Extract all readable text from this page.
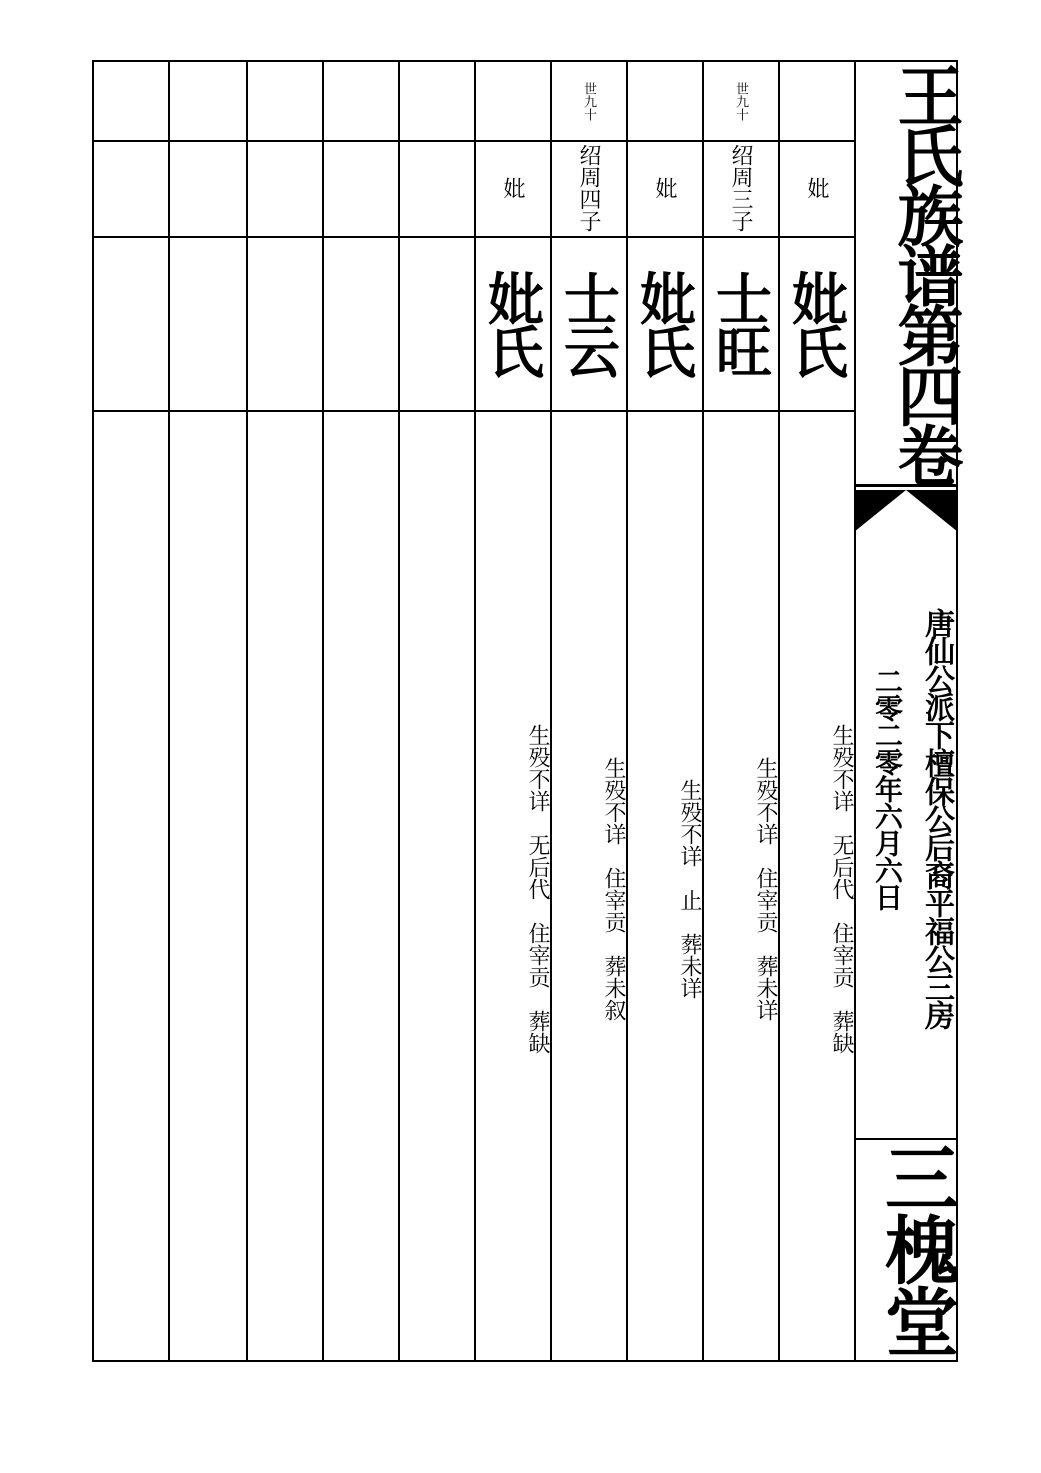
妣
妣氏
生殁不详　无后代　住宰贡　葬缺
世九十
绍周三子
士旺
生殁不详　住宰贡　葬未详
妣
妣氏
生殁不详　止　葬未详
世九十
绍周四子
士云
生殁不详　住宰贡　葬未叙
妣
妣氏
生殁不详　无后代　住宰贡　葬缺
王氏族谱第四卷
唐仙公派下檀保公后裔平福公三房
二零二零年六月六日
三槐堂
